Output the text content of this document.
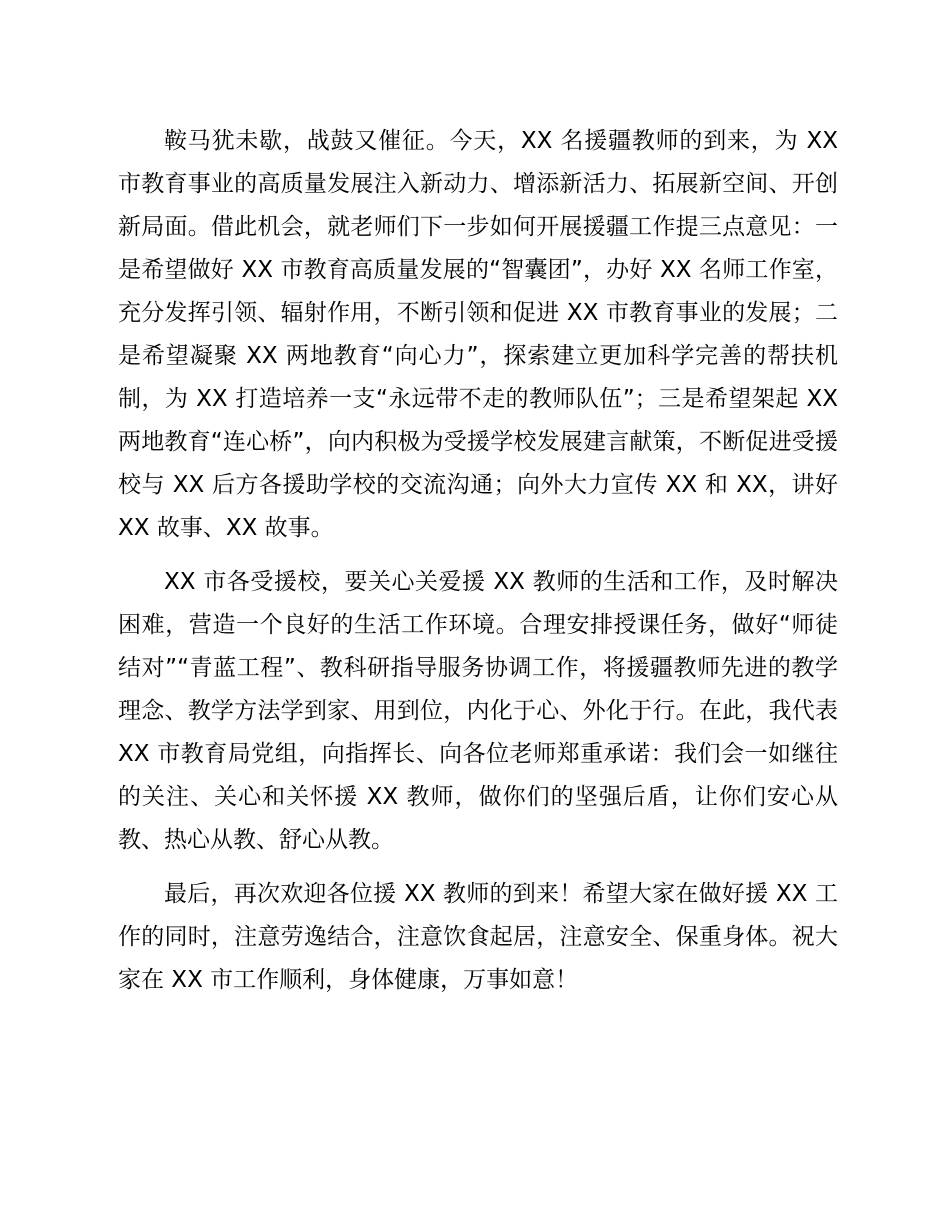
鞍马犹未歇，战鼓又催征。今天，XX 名援疆教师的到来，为 XX 市教育事业的高质量发展注入新动力、增添新活力、拓展新空间、开创新局面。借此机会，就老师们下一步如何开展援疆工作提三点意见：一是希望做好 XX 市教育高质量发展的“智囊团”，办好 XX 名师工作室，充分发挥引领、辐射作用，不断引领和促进 XX 市教育事业的发展；二是希望凝聚 XX 两地教育“向心力”，探索建立更加科学完善的帮扶机制，为 XX 打造培养一支“永远带不走的教师队伍”；三是希望架起 XX 两地教育“连心桥”，向内积极为受援学校发展建言献策，不断促进受援校与 XX 后方各援助学校的交流沟通；向外大力宣传 XX 和 XX，讲好 XX 故事、XX 故事。

XX 市各受援校，要关心关爱援 XX 教师的生活和工作，及时解决困难，营造一个良好的生活工作环境。合理安排授课任务，做好“师徒结对”“青蓝工程”、教科研指导服务协调工作，将援疆教师先进的教学理念、教学方法学到家、用到位，内化于心、外化于行。在此，我代表 XX 市教育局党组，向指挥长、向各位老师郑重承诺：我们会一如继往的关注、关心和关怀援 XX 教师，做你们的坚强后盾，让你们安心从教、热心从教、舒心从教。

最后，再次欢迎各位援 XX 教师的到来！希望大家在做好援 XX 工作的同时，注意劳逸结合，注意饮食起居，注意安全、保重身体。祝大家在 XX 市工作顺利，身体健康，万事如意！
